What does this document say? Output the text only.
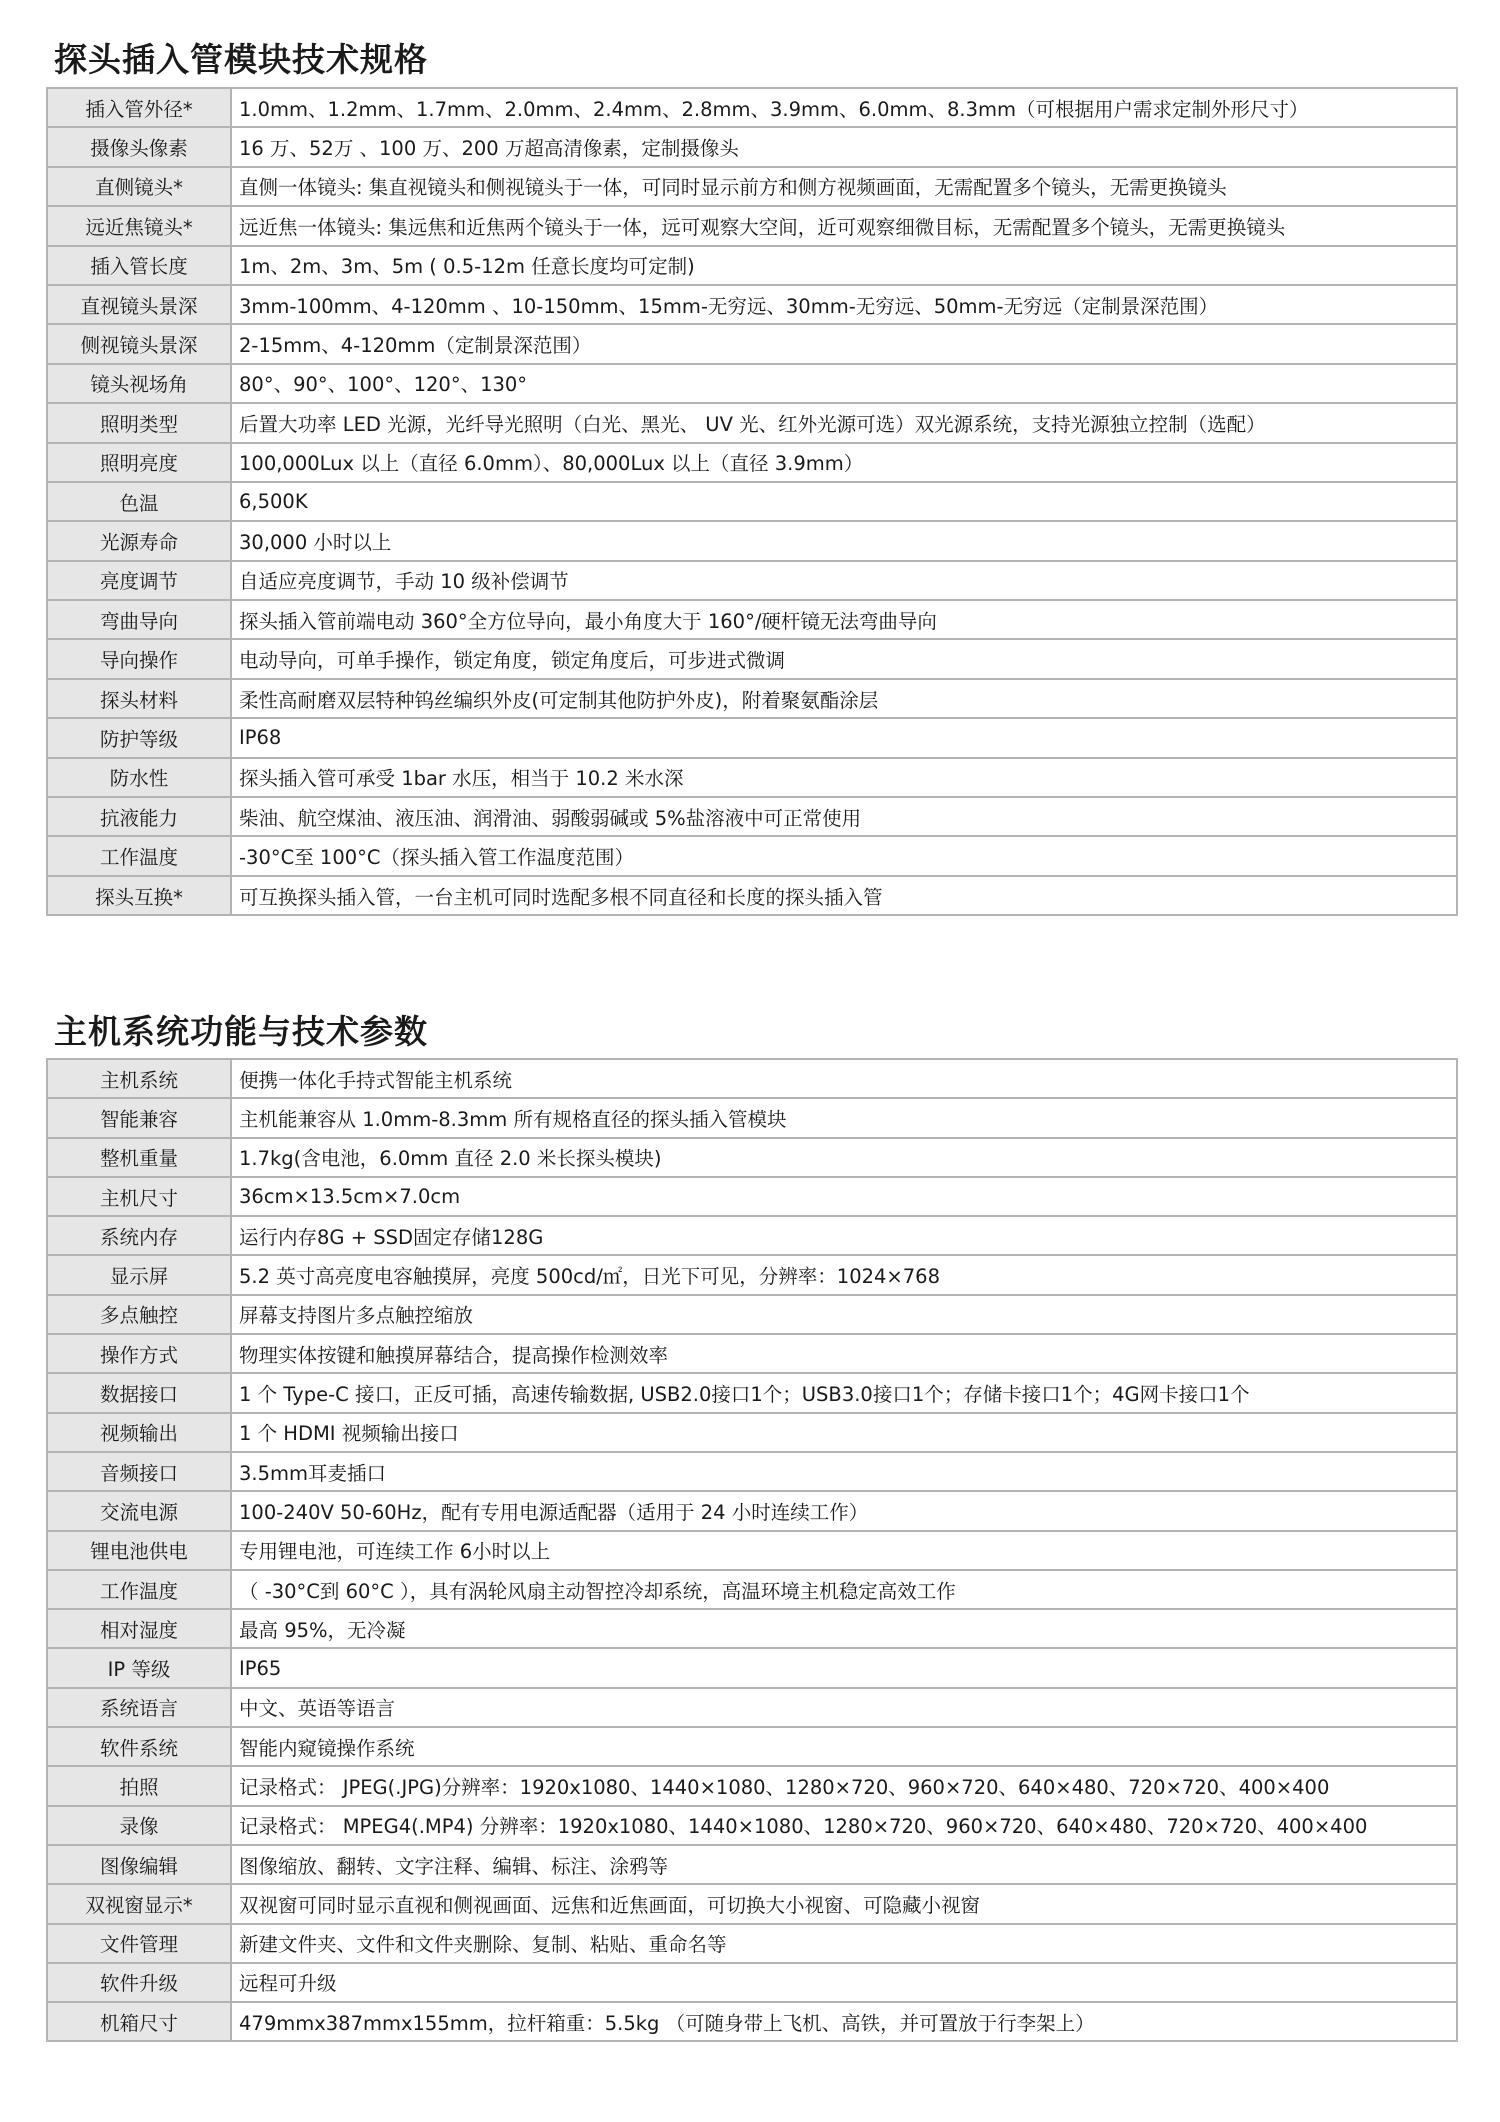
探头插入管模块技术规格
插入管外径*	1.0mm、1.2mm、1.7mm、2.0mm、2.4mm、2.8mm、3.9mm、6.0mm、8.3mm（可根据用户需求定制外形尺寸）
摄像头像素	16 万、52万 、100 万、200 万超高清像素，定制摄像头
直侧镜头*	直侧一体镜头: 集直视镜头和侧视镜头于一体，可同时显示前方和侧方视频画面，无需配置多个镜头，无需更换镜头
远近焦镜头*	远近焦一体镜头: 集远焦和近焦两个镜头于一体，远可观察大空间，近可观察细微目标，无需配置多个镜头，无需更换镜头
插入管长度	1m、2m、3m、5m ( 0.5-12m 任意长度均可定制)
直视镜头景深	3mm-100mm、4-120mm 、10-150mm、15mm-无穷远、30mm-无穷远、50mm-无穷远（定制景深范围）
侧视镜头景深	2-15mm、4-120mm（定制景深范围）
镜头视场角	80°、90°、100°、120°、130°
照明类型	后置大功率 LED 光源，光纤导光照明（白光、黑光、 UV 光、红外光源可选）双光源系统，支持光源独立控制（选配）
照明亮度	100,000Lux 以上（直径 6.0mm）、80,000Lux 以上（直径 3.9mm）
色温	6,500K
光源寿命	30,000 小时以上
亮度调节	自适应亮度调节，手动 10 级补偿调节
弯曲导向	探头插入管前端电动 360°全方位导向，最小角度大于 160°/硬杆镜无法弯曲导向
导向操作	电动导向，可单手操作，锁定角度，锁定角度后，可步进式微调
探头材料	柔性高耐磨双层特种钨丝编织外皮(可定制其他防护外皮)，附着聚氨酯涂层
防护等级	IP68
防水性	探头插入管可承受 1bar 水压，相当于 10.2 米水深
抗液能力	柴油、航空煤油、液压油、润滑油、弱酸弱碱或 5%盐溶液中可正常使用
工作温度	-30°C至 100°C（探头插入管工作温度范围）
探头互换*	可互换探头插入管，一台主机可同时选配多根不同直径和长度的探头插入管
主机系统功能与技术参数
主机系统	便携一体化手持式智能主机系统
智能兼容	主机能兼容从 1.0mm-8.3mm 所有规格直径的探头插入管模块
整机重量	1.7kg(含电池，6.0mm 直径 2.0 米长探头模块)
主机尺寸	36cm×13.5cm×7.0cm
系统内存	运行内存8G + SSD固定存储128G
显示屏	5.2 英寸高亮度电容触摸屏，亮度 500cd/㎡，日光下可见，分辨率：1024×768
多点触控	屏幕支持图片多点触控缩放
操作方式	物理实体按键和触摸屏幕结合，提高操作检测效率
数据接口	1 个 Type-C 接口，正反可插，高速传输数据, USB2.0接口1个；USB3.0接口1个；存储卡接口1个；4G网卡接口1个
视频输出	1 个 HDMI 视频输出接口
音频接口	3.5mm耳麦插口
交流电源	100-240V 50-60Hz，配有专用电源适配器（适用于 24 小时连续工作）
锂电池供电	专用锂电池，可连续工作 6小时以上
工作温度	（ -30°C到 60°C ），具有涡轮风扇主动智控冷却系统，高温环境主机稳定高效工作
相对湿度	最高 95%，无冷凝
IP 等级	IP65
系统语言	中文、英语等语言
软件系统	智能内窥镜操作系统
拍照	记录格式： JPEG(.JPG)分辨率：1920x1080、1440×1080、1280×720、960×720、640×480、720×720、400×400
录像	记录格式： MPEG4(.MP4) 分辨率：1920x1080、1440×1080、1280×720、960×720、640×480、720×720、400×400
图像编辑	图像缩放、翻转、文字注释、编辑、标注、涂鸦等
双视窗显示*	双视窗可同时显示直视和侧视画面、远焦和近焦画面，可切换大小视窗、可隐藏小视窗
文件管理	新建文件夹、文件和文件夹删除、复制、粘贴、重命名等
软件升级	远程可升级
机箱尺寸	479mmx387mmx155mm，拉杆箱重：5.5kg （可随身带上飞机、高铁，并可置放于行李架上）
